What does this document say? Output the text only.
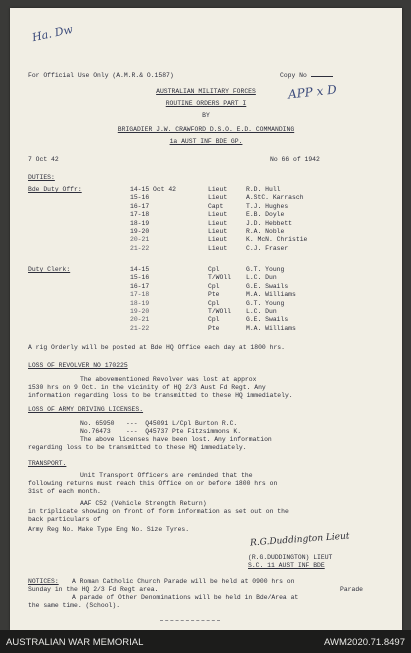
Ha. Dw
APP x D
For Official Use Only (A.M.R.& O.1587)	Copy No
AUSTRALIAN MILITARY FORCES
ROUTINE ORDERS PART I
BY
BRIGADIER J.W. CRAWFORD D.S.O. E.D. COMMANDING
1a AUST INF BDE GP.
7 Oct 42	No 66 of 1942
DUTIES:
Bde Duty Offr:	14-15 Oct 42	Lieut	R.D. Hull
15-16	Lieut	A.StC. Karrasch
16-17	Capt	T.J. Hughes
17-18	Lieut	E.B. Doyle
18-19	Lieut	J.D. Hebbett
19-20	Lieut	R.A. Noble
20-21	Lieut	K. McN. Christie
21-22	Lieut	C.J. Fraser
Duty Clerk:	14-15	Cpl	G.T. Young
15-16	T/WOll	L.C. Dun
16-17	Cpl	G.E. Swails
17-18	Pte	M.A. Williams
18-19	Cpl	G.T. Young
19-20	T/WOll	L.C. Dun
20-21	Cpl	G.E. Swails
21-22	Pte	M.A. Williams
A rig Orderly will be posted at Bde HQ Office each day at 1800 hrs.
LOSS OF REVOLVER NO 170225
The abovementioned Revolver was lost at approx
1530 hrs on 9 Oct. in the vicinity of HQ 2/3 Aust Fd Regt. Any
information regarding loss to be transmitted to these HQ immediately.
LOSS OF ARMY DRIVING LICENSES.
No. 65950   ---  Q45091 L/Cpl Burton R.C.
No.76473    ---  Q45737 Pte Fitzsimmons K.
The above licenses have been lost. Any information
regarding loss to be transmitted to these HQ immediately.
TRANSPORT.
Unit Transport Officers are reminded that the
following returns must reach this Office on or before 1800 hrs on
31st of each month.
AAF C52 (Vehicle Strength Return)
in triplicate showing on front of form information as set out on the
back particulars of
Army Reg No. Make Type Eng No. Size Tyres.
R.G.Duddington Lieut
(R.G.DUDDINGTON) LIEUT
S.C. 11 AUST INF BDE
NOTICES: A Roman Catholic Church Parade will be held at 0900 hrs on
Sunday in the HQ 2/3 Fd Regt area.	Parade
A parade of Other Denominations will be held in Bde/Area at
the same time. (School).
AUSTRALIAN WAR MEMORIAL	AWM2020.71.8497
